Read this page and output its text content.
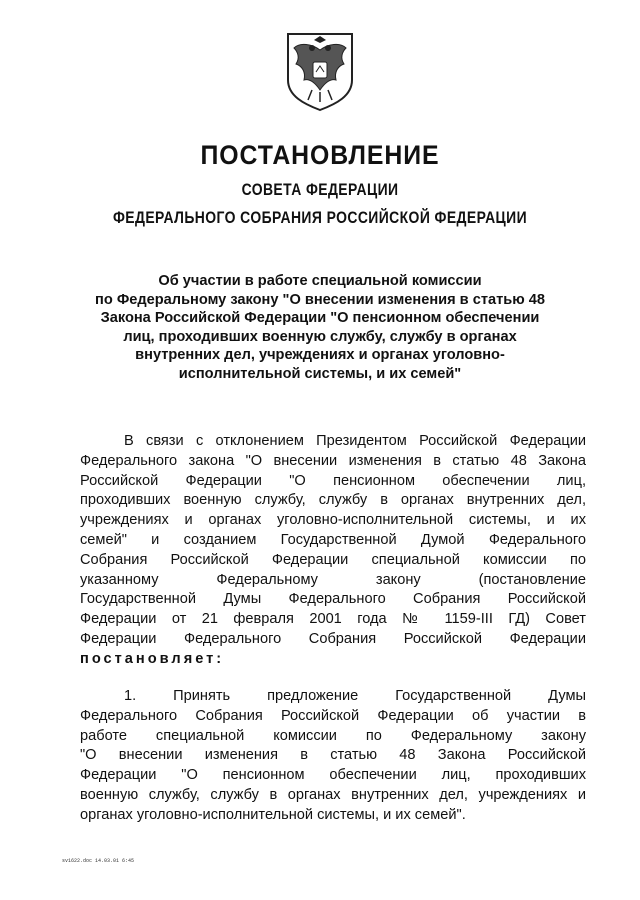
ПОСТАНОВЛЕНИЕ
СОВЕТА ФЕДЕРАЦИИ
ФЕДЕРАЛЬНОГО СОБРАНИЯ РОССИЙСКОЙ ФЕДЕРАЦИИ
Об участии в работе специальной комиссии
по Федеральному закону "О внесении изменения в статью 48
Закона Российской Федерации "О пенсионном обеспечении
лиц, проходивших военную службу, службу в органах
внутренних дел, учреждениях и органах уголовно-
исполнительной системы, и их семей"
В связи с отклонением Президентом Российской Федерации
Федерального закона "О внесении изменения в статью 48 Закона
Российской Федерации "О пенсионном обеспечении лиц,
проходивших военную службу, службу в органах внутренних дел,
учреждениях и органах уголовно-исполнительной системы, и их
семей" и созданием Государственной Думой Федерального
Собрания Российской Федерации специальной комиссии по
указанному Федеральному закону (постановление
Государственной Думы Федерального Собрания Российской
Федерации от 21 февраля 2001 года № 1159-III ГД) Совет
Федерации Федерального Собрания Российской Федерации
постановляет:
1. Принять предложение Государственной Думы
Федерального Собрания Российской Федерации об участии в
работе специальной комиссии по Федеральному закону
"О внесении изменения в статью 48 Закона Российской
Федерации "О пенсионном обеспечении лиц, проходивших
военную службу, службу в органах внутренних дел, учреждениях и
органах уголовно-исполнительной системы, и их семей".
sv1622.doc 14.03.01 6:45
